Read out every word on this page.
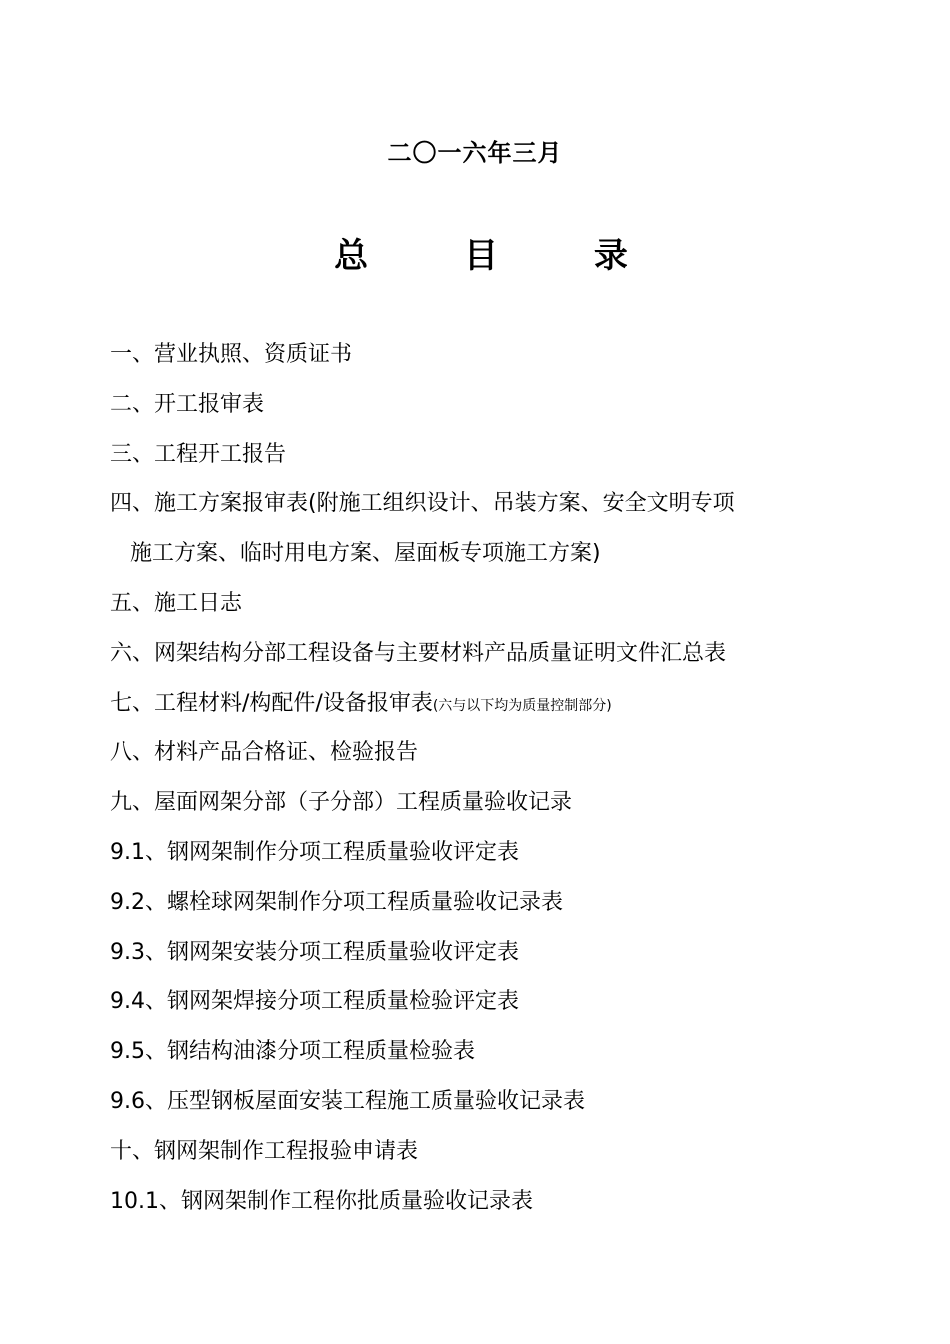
二〇一六年三月
总 目 录
一、营业执照、资质证书
二、开工报审表
三、工程开工报告
四、施工方案报审表(附施工组织设计、吊装方案、安全文明专项
施工方案、临时用电方案、屋面板专项施工方案)
五、施工日志
六、网架结构分部工程设备与主要材料产品质量证明文件汇总表
七、工程材料/构配件/设备报审表(六与以下均为质量控制部分)
八、材料产品合格证、检验报告
九、屋面网架分部（子分部）工程质量验收记录
9.1、钢网架制作分项工程质量验收评定表
9.2、螺栓球网架制作分项工程质量验收记录表
9.3、钢网架安装分项工程质量验收评定表
9.4、钢网架焊接分项工程质量检验评定表
9.5、钢结构油漆分项工程质量检验表
9.6、压型钢板屋面安装工程施工质量验收记录表
十、钢网架制作工程报验申请表
10.1、钢网架制作工程你批质量验收记录表
